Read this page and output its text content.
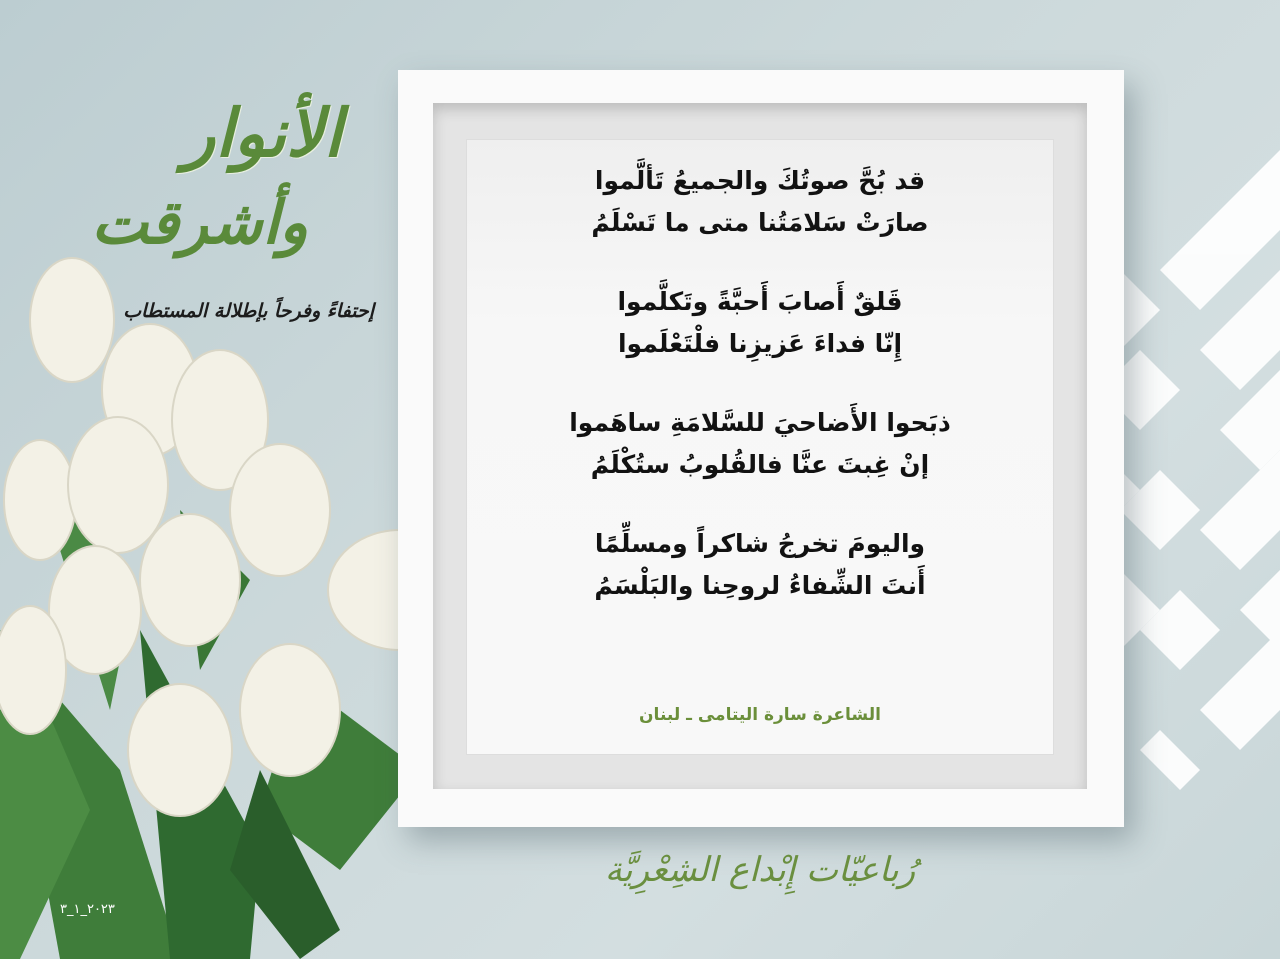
الأنوار
وأشرقت
إحتفاءً وفرحاً بإطلالة المستطاب
قد بُحَّ صوتُكَ والجميعُ تَألَّموا
صارَتْ سَلامَتُنا متى ما تَسْلَمُ
قَلقٌ أَصابَ أَحبَّةً وتَكلَّموا
إِنّا فداءَ عَزيزِنا فلْتَعْلَموا
ذبَحوا الأَضاحيَ للسَّلامَةِ ساهَموا
إنْ غِبتَ عنَّا فالقُلوبُ ستُكْلَمُ
واليومَ تخرجُ شاكراً ومسلِّمًا
أَنتَ الشِّفاءُ لروحِنا والبَلْسَمُ
الشاعرة سارة اليتامى ـ لبنان
رُباعيّات إِبْداع الشِعْرِيَّة
٢٠٢٣_١_٣
